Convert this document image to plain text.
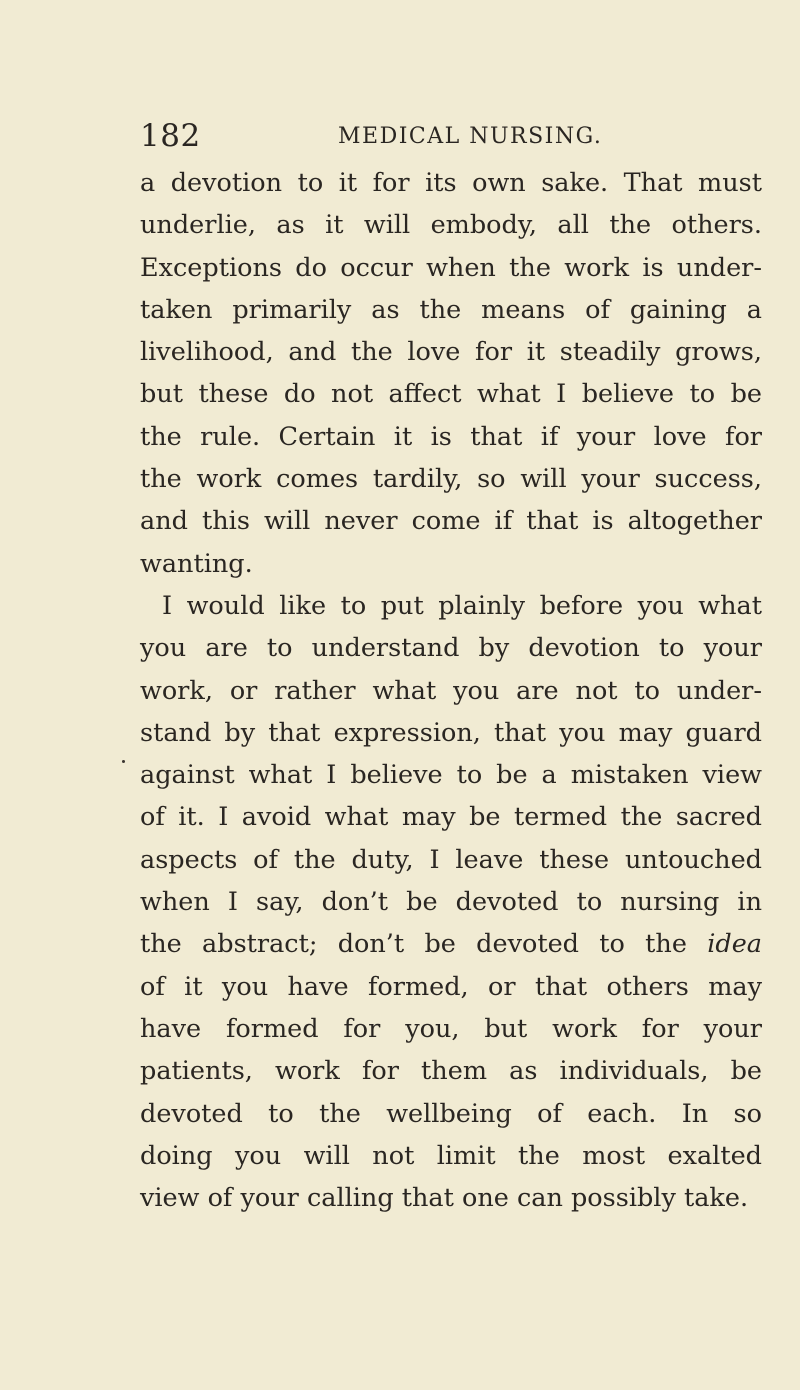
182	MEDICAL NURSING.
a devotion to it for its own sake. That must
underlie, as it will embody, all the others.
Exceptions do occur when the work is under-
taken primarily as the means of gaining a
livelihood, and the love for it steadily grows,
but these do not affect what I believe to be
the rule. Certain it is that if your love for
the work comes tardily, so will your success,
and this will never come if that is altogether
wanting.
I would like to put plainly before you what
you are to understand by devotion to your
work, or rather what you are not to under-
stand by that expression, that you may guard
against what I believe to be a mistaken view
of it. I avoid what may be termed the sacred
aspects of the duty, I leave these untouched
when I say, don’t be devoted to nursing in
the abstract; don’t be devoted to the idea
of it you have formed, or that others may
have formed for you, but work for your
patients, work for them as individuals, be
devoted to the wellbeing of each. In so
doing you will not limit the most exalted
view of your calling that one can possibly take.
